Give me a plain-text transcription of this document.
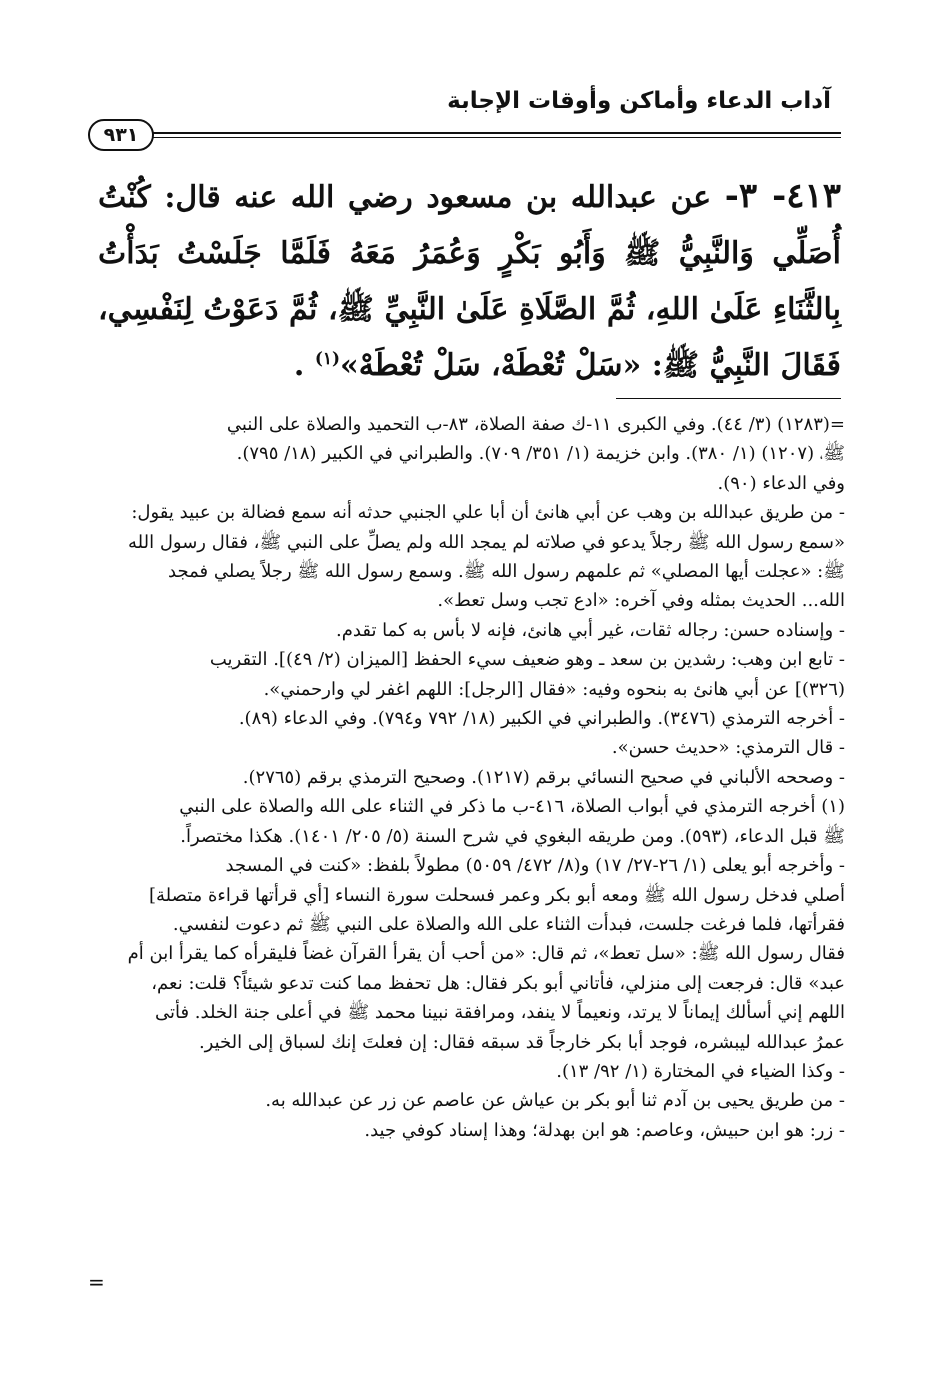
آداب الدعاء وأماكن وأوقات الإجابة
٩٣١
٤١٣- ٣- عن عبدالله بن مسعود رضي الله عنه قال: كُنْتُ أُصَلِّي وَالنَّبِيُّ ﷺ وَأَبُو بَكْرٍ وَعُمَرُ مَعَهُ فَلَمَّا جَلَسْتُ بَدَأْتُ بِالثَّنَاءِ عَلَىٰ اللهِ، ثُمَّ الصَّلَاةِ عَلَىٰ النَّبِيِّ ﷺ، ثُمَّ دَعَوْتُ لِنَفْسِي، فَقَالَ النَّبِيُّ ﷺ: «سَلْ تُعْطَهْ، سَلْ تُعْطَهْ»$^{(١)}$ .

=(١٢٨٣) (٣/ ٤٤). وفي الكبرى ١١-ك صفة الصلاة، ٨٣-ب التحميد والصلاة على النبي

ﷺ، (١٢٠٧) (١/ ٣٨٠). وابن خزيمة (١/ ٣٥١/ ٧٠٩). والطبراني في الكبير (١٨/ ٧٩٥).

وفي الدعاء (٩٠).

- من طريق عبدالله بن وهب عن أبي هانئ أن أبا علي الجنبي حدثه أنه سمع فضالة بن عبيد يقول:

«سمع رسول الله ﷺ رجلاً يدعو في صلاته لم يمجد الله ولم يصلِّ على النبي ﷺ، فقال رسول الله

ﷺ: «عجلت أيها المصلي» ثم علمهم رسول الله ﷺ. وسمع رسول الله ﷺ رجلاً يصلي فمجد

الله... الحديث بمثله وفي آخره: «ادع تجب وسل تعط».

- وإسناده حسن: رجاله ثقات، غير أبي هانئ، فإنه لا بأس به كما تقدم.

- تابع ابن وهب: رشدين بن سعد ـ وهو ضعيف سيء الحفظ [الميزان (٢/ ٤٩)]. التقريب

(٣٢٦)] عن أبي هانئ به بنحوه وفيه: «فقال [الرجل]: اللهم اغفر لي وارحمني».

- أخرجه الترمذي (٣٤٧٦). والطبراني في الكبير (١٨/ ٧٩٢ و٧٩٤). وفي الدعاء (٨٩).

- قال الترمذي: «حديث حسن».

- وصححه الألباني في صحيح النسائي برقم (١٢١٧). وصحيح الترمذي برقم (٢٧٦٥).

(١) أخرجه الترمذي في أبواب الصلاة، ٤١٦-ب ما ذكر في الثناء على الله والصلاة على النبي

ﷺ قبل الدعاء، (٥٩٣). ومن طريقه البغوي في شرح السنة (٥/ ٢٠٥/ ١٤٠١). هكذا مختصراً.

- وأخرجه أبو يعلى (١/ ٢٦-٢٧/ ١٧) و(٨/ ٤٧٢/ ٥٠٥٩) مطولاً بلفظ: «كنت في المسجد

أصلي فدخل رسول الله ﷺ ومعه أبو بكر وعمر فسحلت سورة النساء [أي قرأتها قراءة متصلة]

فقرأتها، فلما فرغت جلست، فبدأت الثناء على الله والصلاة على النبي ﷺ ثم دعوت لنفسي.

فقال رسول الله ﷺ: «سل تعط»، ثم قال: «من أحب أن يقرأ القرآن غضاً فليقرأه كما يقرأ ابن أم

عبد» قال: فرجعت إلى منزلي، فأتاني أبو بكر فقال: هل تحفظ مما كنت تدعو شيئاً؟ قلت: نعم،

اللهم إني أسألك إيماناً لا يرتد، ونعيماً لا ينفد، ومرافقة نبينا محمد ﷺ في أعلى جنة الخلد. فأتى

عمرُ عبدالله ليبشره، فوجد أبا بكر خارجاً قد سبقه فقال: إن فعلتَ إنك لسباق إلى الخير.

- وكذا الضياء في المختارة (١/ ٩٢/ ١٣).

- من طريق يحيى بن آدم ثنا أبو بكر بن عياش عن عاصم عن زر عن عبدالله به.

- زر: هو ابن حبيش، وعاصم: هو ابن بهدلة؛ وهذا إسناد كوفي جيد.

=
